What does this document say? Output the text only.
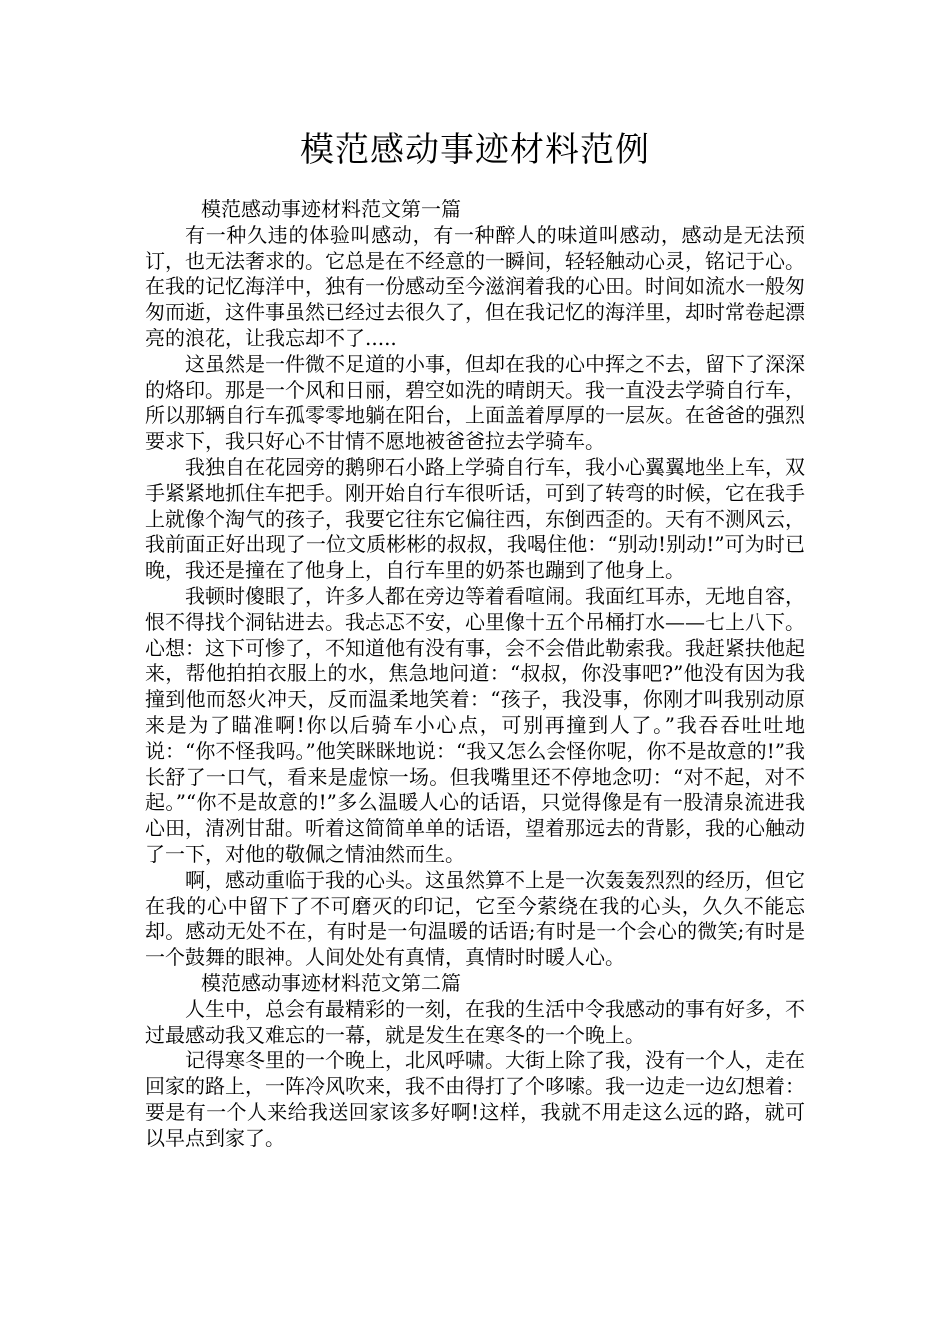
模范感动事迹材料范例

模范感动事迹材料范文第一篇

有一种久违的体验叫感动，有一种醉人的味道叫感动，感动是无法预订，也无法奢求的。它总是在不经意的一瞬间，轻轻触动心灵，铭记于心。在我的记忆海洋中，独有一份感动至今滋润着我的心田。时间如流水一般匆匆而逝，这件事虽然已经过去很久了，但在我记忆的海洋里，却时常卷起漂亮的浪花，让我忘却不了.....

这虽然是一件微不足道的小事，但却在我的心中挥之不去，留下了深深的烙印。那是一个风和日丽，碧空如洗的晴朗天。我一直没去学骑自行车，所以那辆自行车孤零零地躺在阳台，上面盖着厚厚的一层灰。在爸爸的强烈要求下，我只好心不甘情不愿地被爸爸拉去学骑车。

我独自在花园旁的鹅卵石小路上学骑自行车，我小心翼翼地坐上车，双手紧紧地抓住车把手。刚开始自行车很听话，可到了转弯的时候，它在我手上就像个淘气的孩子，我要它往东它偏往西，东倒西歪的。天有不测风云，我前面正好出现了一位文质彬彬的叔叔，我喝住他：“别动!别动!”可为时已晚，我还是撞在了他身上，自行车里的奶茶也蹦到了他身上。

我顿时傻眼了，许多人都在旁边等着看喧闹。我面红耳赤，无地自容，恨不得找个洞钻进去。我忐忑不安，心里像十五个吊桶打水——七上八下。心想：这下可惨了，不知道他有没有事，会不会借此勒索我。我赶紧扶他起来，帮他拍拍衣服上的水，焦急地问道：“叔叔，你没事吧?”他没有因为我撞到他而怒火冲天，反而温柔地笑着：“孩子，我没事，你刚才叫我别动原来是为了瞄准啊!你以后骑车小心点，可别再撞到人了。”我吞吞吐吐地说：“你不怪我吗。”他笑眯眯地说：“我又怎么会怪你呢，你不是故意的!”我长舒了一口气，看来是虚惊一场。但我嘴里还不停地念叨：“对不起，对不起。”“你不是故意的!”多么温暖人心的话语，只觉得像是有一股清泉流进我心田，清冽甘甜。听着这简简单单的话语，望着那远去的背影，我的心触动了一下，对他的敬佩之情油然而生。

啊，感动重临于我的心头。这虽然算不上是一次轰轰烈烈的经历，但它在我的心中留下了不可磨灭的印记，它至今萦绕在我的心头，久久不能忘却。感动无处不在，有时是一句温暖的话语;有时是一个会心的微笑;有时是一个鼓舞的眼神。人间处处有真情，真情时时暖人心。

模范感动事迹材料范文第二篇

人生中，总会有最精彩的一刻，在我的生活中令我感动的事有好多，不过最感动我又难忘的一幕，就是发生在寒冬的一个晚上。

记得寒冬里的一个晚上，北风呼啸。大街上除了我，没有一个人，走在回家的路上，一阵冷风吹来，我不由得打了个哆嗦。我一边走一边幻想着：要是有一个人来给我送回家该多好啊!这样，我就不用走这么远的路，就可以早点到家了。
